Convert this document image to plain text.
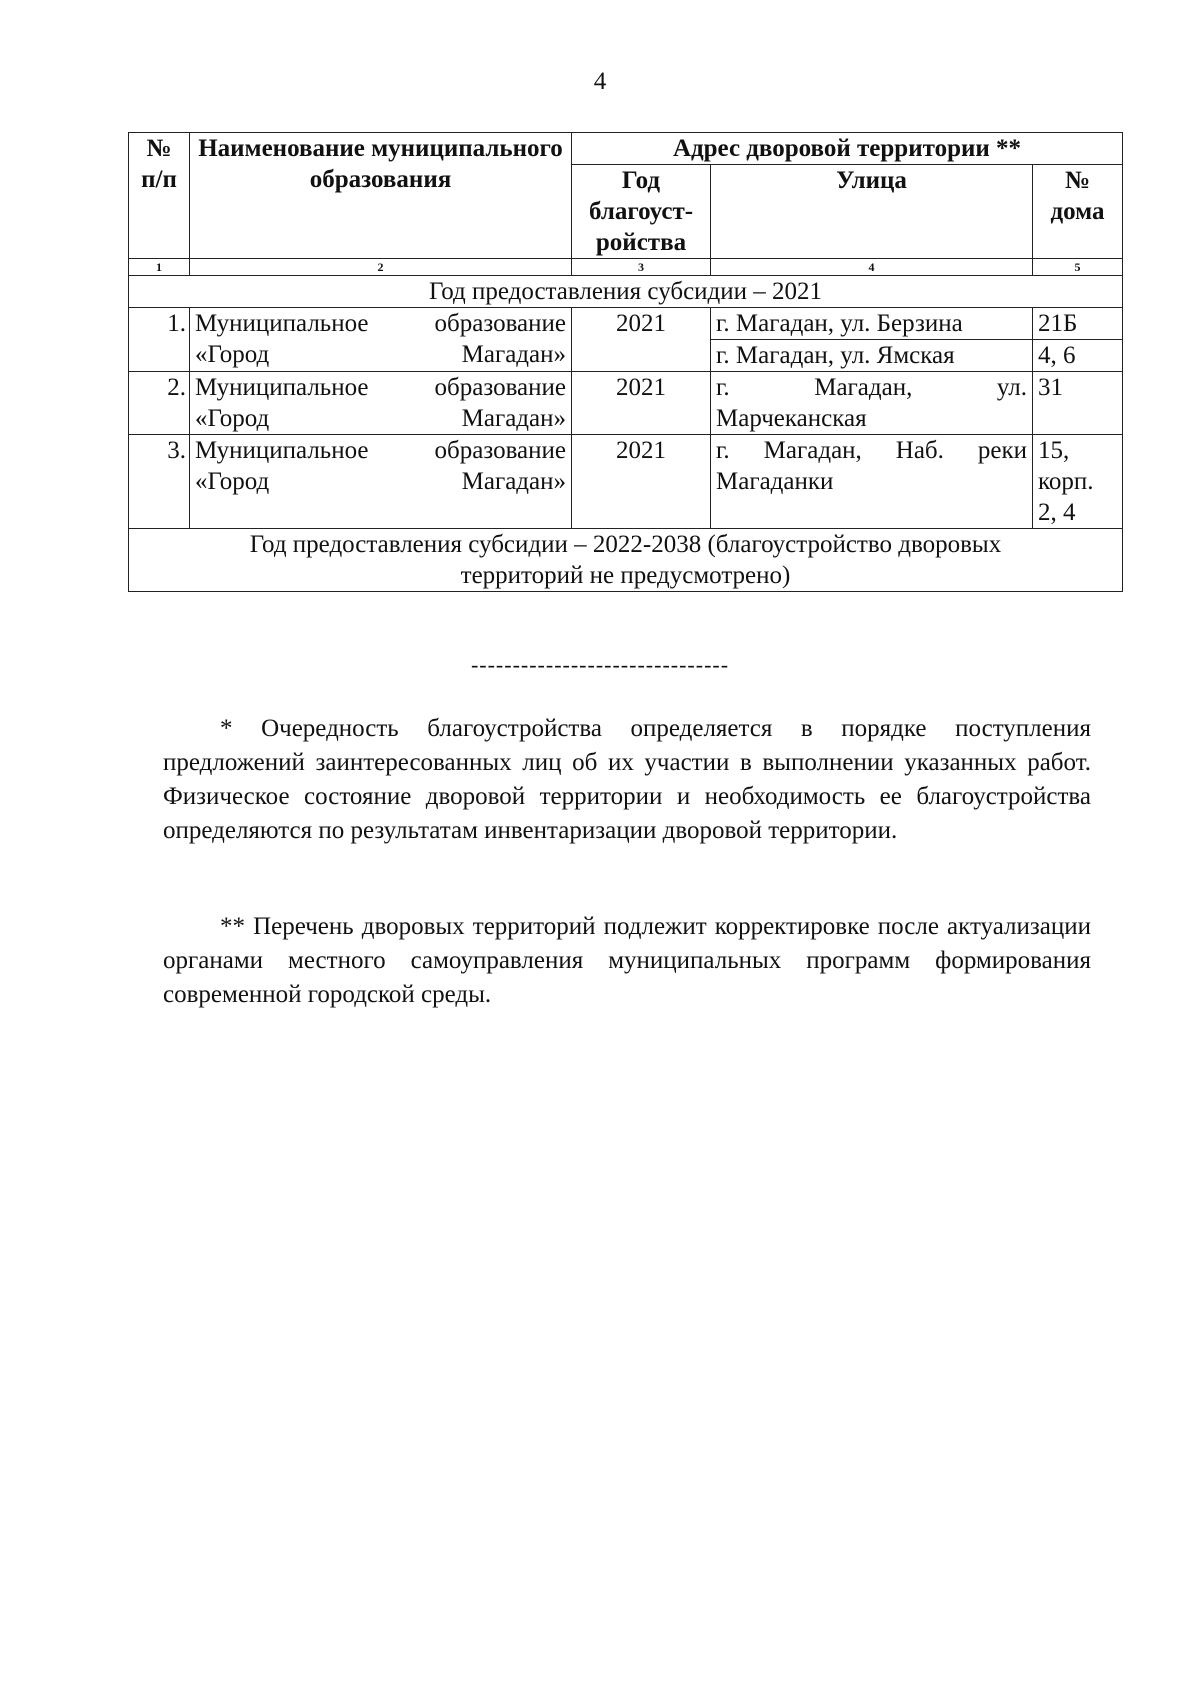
4
№ п/п	Наименование муниципального образования	Адрес дворовой территории **		
		Год благоуст-ройства	Улица	№ дома
1	2	3	4	5
Год предоставления субсидии – 2021				
1.	Муниципальное образование «Город Магадан»	2021	г. Магадан, ул. Берзина	21Б
			г. Магадан, ул. Ямская	4, 6
2.	Муниципальное образование «Город Магадан»	2021	г. Магадан, ул. Марчеканская	31
3.	Муниципальное образование «Город Магадан»	2021	г. Магадан, Наб. реки Магаданки	15, корп. 2, 4
Год предоставления субсидии – 2022-2038 (благоустройство дворовых территорий не предусмотрено)				
-------------------------------

* Очередность благоустройства определяется в порядке поступления предложений заинтересованных лиц об их участии в выполнении указанных работ. Физическое состояние дворовой территории и необходимость ее благоустройства определяются по результатам инвентаризации дворовой территории.

** Перечень дворовых территорий подлежит корректировке после актуализации органами местного самоуправления муниципальных программ формирования современной городской среды.
